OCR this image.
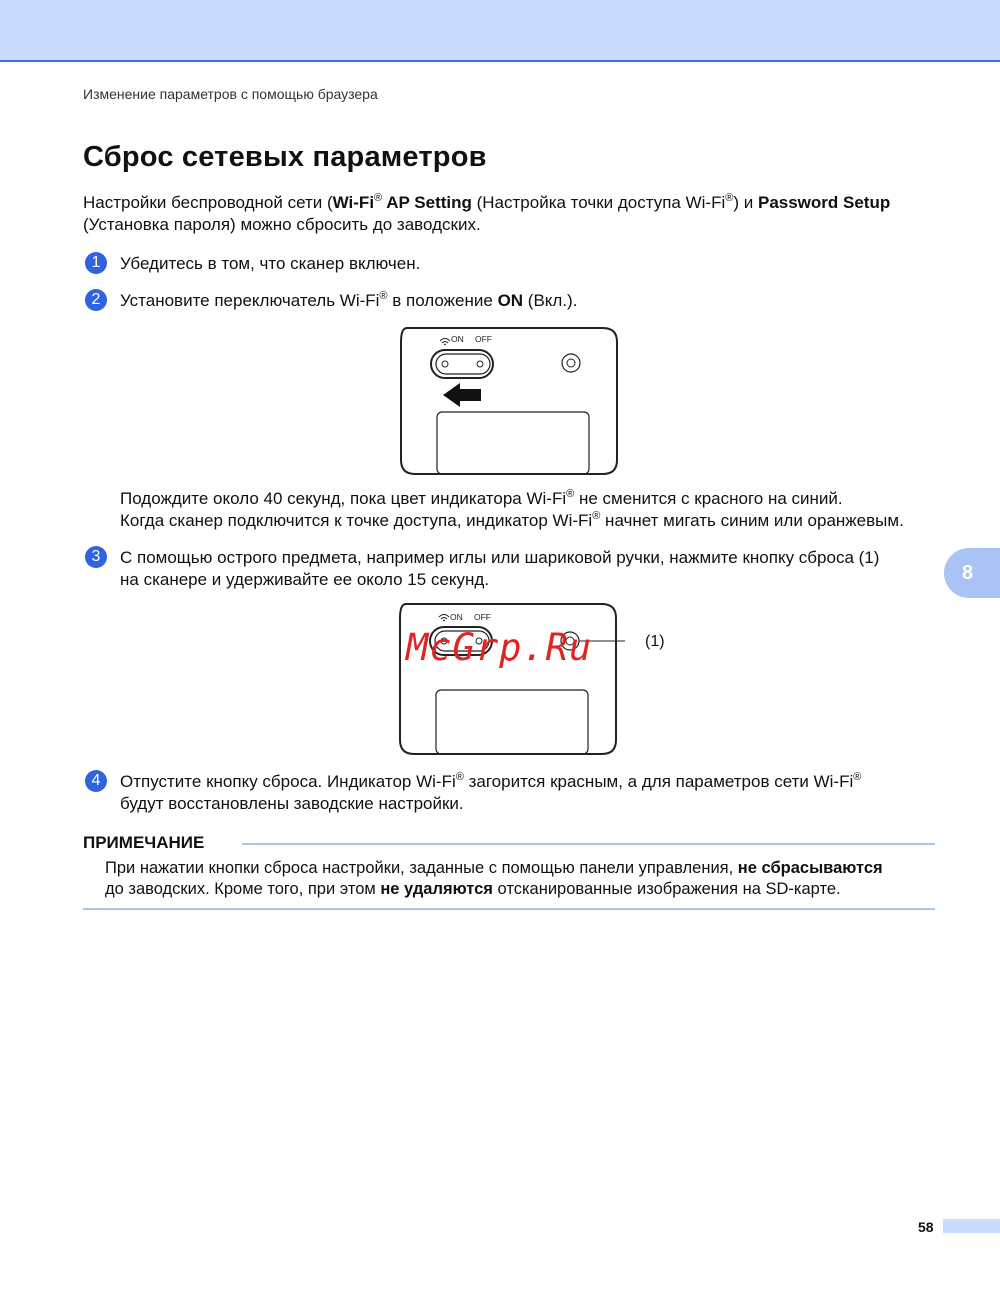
Изменение параметров с помощью браузера
Сброс сетевых параметров
Настройки беспроводной сети (Wi-Fi® AP Setting (Настройка точки доступа Wi-Fi®) и Password Setup
(Установка пароля) можно сбросить до заводских.
1	Убедитесь в том, что сканер включен.
2	Установите переключатель Wi-Fi® в положение ON (Вкл.).
ON OFF
Подождите около 40 секунд, пока цвет индикатора Wi-Fi® не сменится с красного на синий.
Когда сканер подключится к точке доступа, индикатор Wi-Fi® начнет мигать синим или оранжевым.
3	С помощью острого предмета, например иглы или шариковой ручки, нажмите кнопку сброса (1)
на сканере и удерживайте ее около 15 секунд.
ON OFF
(1)
McGrp.Ru
4	Отпустите кнопку сброса. Индикатор Wi-Fi® загорится красным, а для параметров сети Wi-Fi®
будут восстановлены заводские настройки.
ПРИМЕЧАНИЕ
При нажатии кнопки сброса настройки, заданные с помощью панели управления, не сбрасываются
до заводских. Кроме того, при этом не удаляются отсканированные изображения на SD-карте.
8
58
